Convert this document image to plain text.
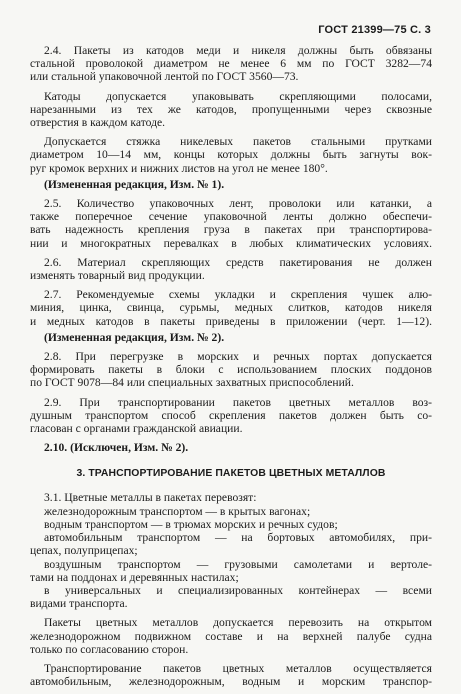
ГОСТ 21399—75 С. 3

2.4. Пакеты из катодов меди и никеля должны быть обвязаны
стальной проволокой диаметром не менее 6 мм по ГОСТ 3282—74
или стальной упаковочной лентой по ГОСТ 3560—73.

Катоды допускается упаковывать скрепляющими полосами,
нарезанными из тех же катодов, пропущенными через сквозные
отверстия в каждом катоде.

Допускается стяжка никелевых пакетов стальными прутками
диаметром 10—14 мм, концы которых должны быть загнуты вок-
руг кромок верхних и нижних листов на угол не менее 180°.

(Измененная редакция, Изм. № 1).

2.5. Количество упаковочных лент, проволоки или катанки, а
также поперечное сечение упаковочной ленты должно обеспечи-
вать надежность крепления груза в пакетах при транспортирова-
нии и многократных перевалках в любых климатических условиях.

2.6. Материал скрепляющих средств пакетирования не должен
изменять товарный вид продукции.

2.7. Рекомендуемые схемы укладки и скрепления чушек алю-
миния, цинка, свинца, сурьмы, медных слитков, катодов никеля
и медных катодов в пакеты приведены в приложении (черт. 1—12).

(Измененная редакция, Изм. № 2).

2.8. При перегрузке в морских и речных портах допускается
формировать пакеты в блоки с использованием плоских поддонов
по ГОСТ 9078—84 или специальных захватных приспособлений.

2.9. При транспортировании пакетов цветных металлов воз-
душным транспортом способ скрепления пакетов должен быть со-
гласован с органами гражданской авиации.

2.10. (Исключен, Изм. № 2).

3. ТРАНСПОРТИРОВАНИЕ ПАКЕТОВ ЦВЕТНЫХ МЕТАЛЛОВ

3.1. Цветные металлы в пакетах перевозят:
железнодорожным транспортом — в крытых вагонах;
водным транспортом — в трюмах морских и речных судов;
автомобильным транспортом — на бортовых автомобилях, при-
цепах, полуприцепах;
воздушным транспортом — грузовыми самолетами и вертоле-
тами на поддонах и деревянных настилах;
в универсальных и специализированных контейнерах — всеми
видами транспорта.

Пакеты цветных металлов допускается перевозить на открытом
железнодорожном подвижном составе и на верхней палубе судна
только по согласованию сторон.

Транспортирование пакетов цветных металлов осуществляется
автомобильным, железнодорожным, водным и морским транспор-
